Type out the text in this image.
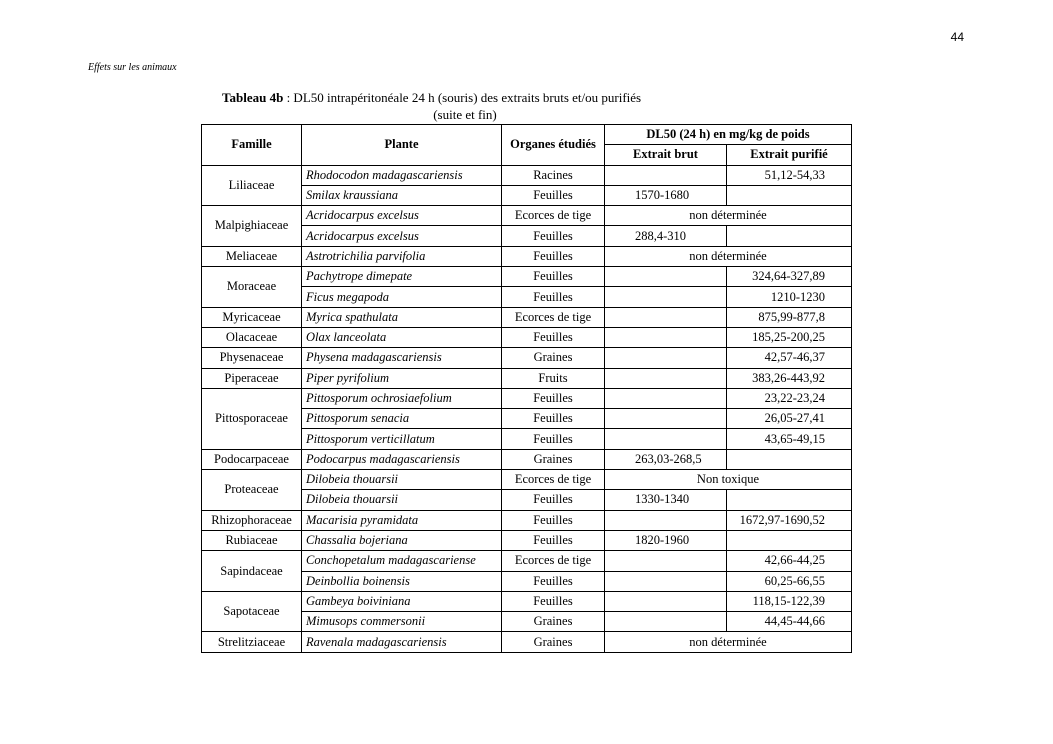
44
Effets sur les animaux
Tableau 4b : DL50 intrapéritonéale 24 h (souris) des extraits bruts et/ou purifiés
(suite et fin)
Famille	Plante	Organes étudiés	DL50 (24 h) en mg/kg de poids	
			Extrait brut	Extrait purifié
Liliaceae	Rhodocodon madagascariensis	Racines		51,12-54,33
	Smilax kraussiana	Feuilles	1570-1680	
Malpighiaceae	Acridocarpus excelsus	Ecorces de tige	non déterminée	
	Acridocarpus excelsus	Feuilles	288,4-310	
Meliaceae	Astrotrichilia parvifolia	Feuilles	non déterminée	
Moraceae	Pachytrope dimepate	Feuilles		324,64-327,89
	Ficus megapoda	Feuilles		1210-1230
Myricaceae	Myrica spathulata	Ecorces de tige		875,99-877,8
Olacaceae	Olax lanceolata	Feuilles		185,25-200,25
Physenaceae	Physena madagascariensis	Graines		42,57-46,37
Piperaceae	Piper pyrifolium	Fruits		383,26-443,92
Pittosporaceae	Pittosporum ochrosiaefolium	Feuilles		23,22-23,24
	Pittosporum senacia	Feuilles		26,05-27,41
	Pittosporum verticillatum	Feuilles		43,65-49,15
Podocarpaceae	Podocarpus madagascariensis	Graines	263,03-268,5	
Proteaceae	Dilobeia thouarsii	Ecorces de tige	Non toxique	
	Dilobeia thouarsii	Feuilles	1330-1340	
Rhizophoraceae	Macarisia pyramidata	Feuilles		1672,97-1690,52
Rubiaceae	Chassalia bojeriana	Feuilles	1820-1960	
Sapindaceae	Conchopetalum madagascariense	Ecorces de tige		42,66-44,25
	Deinbollia boinensis	Feuilles		60,25-66,55
Sapotaceae	Gambeya boiviniana	Feuilles		118,15-122,39
	Mimusops commersonii	Graines		44,45-44,66
Strelitziaceae	Ravenala madagascariensis	Graines	non déterminée	
